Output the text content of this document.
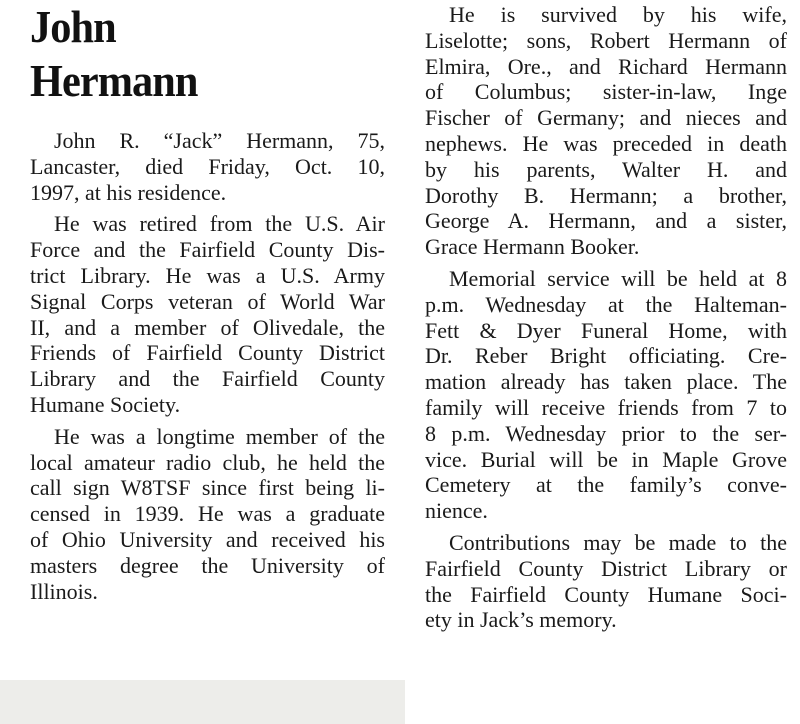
John
Hermann

John R. “Jack” Hermann, 75,
Lancaster, died Friday, Oct. 10,
1997, at his residence.

He was retired from the U.S. Air
Force and the Fairfield County Dis-
trict Library. He was a U.S. Army
Signal Corps veteran of World War
II, and a member of Olivedale, the
Friends of Fairfield County District
Library and the Fairfield County
Humane Society.

He was a longtime member of the
local amateur radio club, he held the
call sign W8TSF since first being li-
censed in 1939. He was a graduate
of Ohio University and received his
masters degree the University of
Illinois.

He is survived by his wife,
Liselotte; sons, Robert Hermann of
Elmira, Ore., and Richard Hermann
of Columbus; sister-in-law, Inge
Fischer of Germany; and nieces and
nephews. He was preceded in death
by his parents, Walter H. and
Dorothy B. Hermann; a brother,
George A. Hermann, and a sister,
Grace Hermann Booker.

Memorial service will be held at 8
p.m. Wednesday at the Halteman-
Fett & Dyer Funeral Home, with
Dr. Reber Bright officiating. Cre-
mation already has taken place. The
family will receive friends from 7 to
8 p.m. Wednesday prior to the ser-
vice. Burial will be in Maple Grove
Cemetery at the family’s conve-
nience.

Contributions may be made to the
Fairfield County District Library or
the Fairfield County Humane Soci-
ety in Jack’s memory.
